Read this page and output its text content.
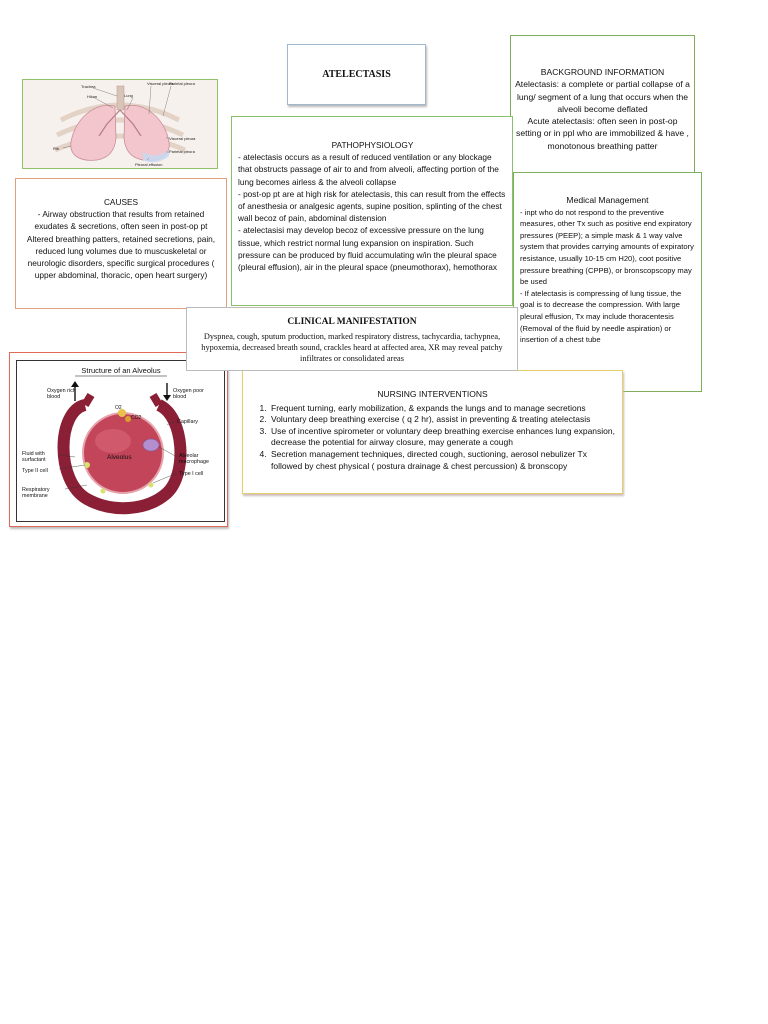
ATELECTASIS
Trachea
Hilum	Lung
Visceral pleura
Parietal pleura
Visceral pleura
Parietal pleura
Pleural effusion
Rib
BACKGROUND INFORMATION
Atelectasis: a complete or partial collapse of a lung/ segment of a lung that occurs when the alveoli become deflated
Acute atelectasis: often seen in post-op setting or in ppl who are immobilized & have , monotonous breathing patter
PATHOPHYSIOLOGY
- atelectasis occurs as a result of reduced ventilation or any blockage that obstructs passage of air to and from alveoli, affecting portion of the lung becomes airless & the alveoli collapse
- post-op pt are at high risk for atelectasis, this can result from the effects of anesthesia or analgesic agents, supine position, splinting of the chest wall becoz of pain, abdominal distension
- atelectasisi may develop becoz of excessive pressure on the lung tissue, which restrict normal lung expansion on inspiration. Such pressure can be produced by fluid accumulating w/in the pleural space (pleural effusion), air in the pleural space (pneumothorax), hemothorax
CAUSES
- Airway obstruction that results from retained exudates & secretions, often seen in post-op pt
Altered breathing patters, retained secretions, pain, reduced lung volumes due to muscuskeletal or neurologic disorders, specific surgical procedures ( upper abdominal, thoracic, open heart surgery)
Medical Management
- inpt who do not respond to the preventive measures, other Tx such as positive end expiratory pressures (PEEP); a simple mask & 1 way valve system that provides carrying amounts of expiratory resistance, usually 10-15 cm H20), coot positive pressure breathing (CPPB), or bronscopscopy may be used
- If atelectasis is compressing of lung tissue, the goal is to decrease the compression. With large pleural effusion, Tx may include thoracentesis (Removal of the fluid by needle aspiration) or insertion of a chest tube
Structure of an Alveolus
Oxygen rich blood
Oxygen poor blood
O2
CO2
Capillary
Fluid with surfactant
Type II cell
Alveolus	Alveolar macrophage
Type I cell
Respiratory membrane
NURSING INTERVENTIONS
1. Frequent turning, early mobilization, & expands the lungs and to manage secretions
2. Voluntary deep breathing exercise ( q 2 hr), assist in preventing & treating atelectasis
3. Use of incentive spirometer or voluntary deep breathing exercise enhances lung expansion, decrease the potential for airway closure, may generate a cough
4. Secretion management techniques, directed cough, suctioning, aerosol nebulizer Tx followed by chest physical ( postura drainage & chest percussion) & bronscopy
CLINICAL MANIFESTATION
Dyspnea, cough, sputum production, marked respiratory distress, tachycardia, tachypnea, hypoxemia, decreased breath sound, crackles heard at affected area, XR may reveal patchy infiltrates or consolidated areas
